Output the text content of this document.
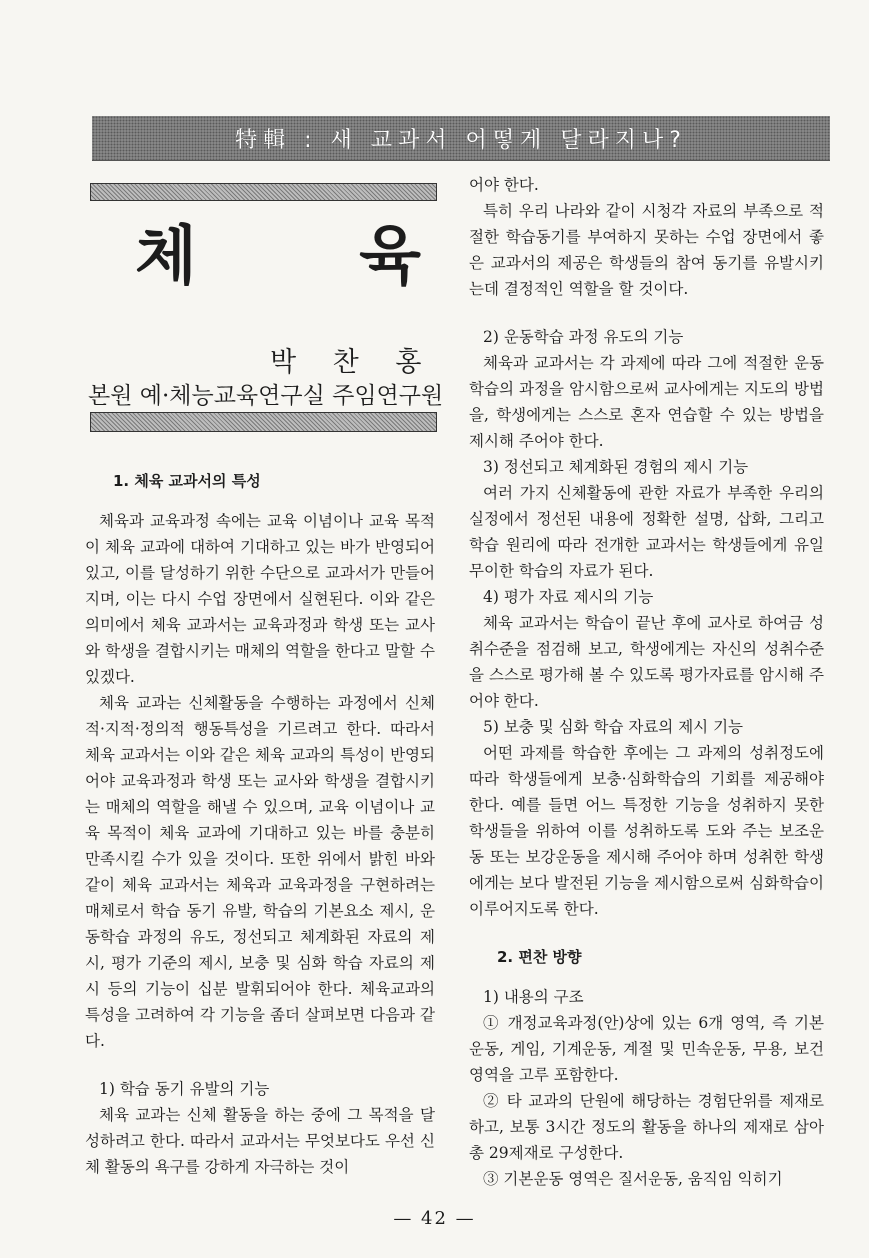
特輯 : 새 교과서 어떻게 달라지나?
체 육
박 찬 홍
본원 예·체능교육연구실 주임연구원

1. 체육 교과서의 특성

체육과 교육과정 속에는 교육 이념이나 교육 목적이 체육 교과에 대하여 기대하고 있는 바가 반영되어 있고, 이를 달성하기 위한 수단으로 교과서가 만들어지며, 이는 다시 수업 장면에서 실현된다. 이와 같은 의미에서 체육 교과서는 교육과정과 학생 또는 교사와 학생을 결합시키는 매체의 역할을 한다고 말할 수 있겠다.

체육 교과는 신체활동을 수행하는 과정에서 신체적·지적·정의적 행동특성을 기르려고 한다. 따라서 체육 교과서는 이와 같은 체육 교과의 특성이 반영되어야 교육과정과 학생 또는 교사와 학생을 결합시키는 매체의 역할을 해낼 수 있으며, 교육 이념이나 교육 목적이 체육 교과에 기대하고 있는 바를 충분히 만족시킬 수가 있을 것이다. 또한 위에서 밝힌 바와 같이 체육 교과서는 체육과 교육과정을 구현하려는 매체로서 학습 동기 유발, 학습의 기본요소 제시, 운동학습 과정의 유도, 정선되고 체계화된 자료의 제시, 평가 기준의 제시, 보충 및 심화 학습 자료의 제시 등의 기능이 십분 발휘되어야 한다. 체육교과의 특성을 고려하여 각 기능을 좀더 살펴보면 다음과 같다.

1) 학습 동기 유발의 기능

체육 교과는 신체 활동을 하는 중에 그 목적을 달성하려고 한다. 따라서 교과서는 무엇보다도 우선 신체 활동의 욕구를 강하게 자극하는 것이

어야 한다.

특히 우리 나라와 같이 시청각 자료의 부족으로 적절한 학습동기를 부여하지 못하는 수업 장면에서 좋은 교과서의 제공은 학생들의 참여 동기를 유발시키는데 결정적인 역할을 할 것이다.

2) 운동학습 과정 유도의 기능

체육과 교과서는 각 과제에 따라 그에 적절한 운동학습의 과정을 암시함으로써 교사에게는 지도의 방법을, 학생에게는 스스로 혼자 연습할 수 있는 방법을 제시해 주어야 한다.

3) 정선되고 체계화된 경험의 제시 기능

여러 가지 신체활동에 관한 자료가 부족한 우리의 실정에서 정선된 내용에 정확한 설명, 삽화, 그리고 학습 원리에 따라 전개한 교과서는 학생들에게 유일무이한 학습의 자료가 된다.

4) 평가 자료 제시의 기능

체육 교과서는 학습이 끝난 후에 교사로 하여금 성취수준을 점검해 보고, 학생에게는 자신의 성취수준을 스스로 평가해 볼 수 있도록 평가자료를 암시해 주어야 한다.

5) 보충 및 심화 학습 자료의 제시 기능

어떤 과제를 학습한 후에는 그 과제의 성취정도에 따라 학생들에게 보충·심화학습의 기회를 제공해야 한다. 예를 들면 어느 특정한 기능을 성취하지 못한 학생들을 위하여 이를 성취하도록 도와 주는 보조운동 또는 보강운동을 제시해 주어야 하며 성취한 학생에게는 보다 발전된 기능을 제시함으로써 심화학습이 이루어지도록 한다.

2. 편찬 방향

1) 내용의 구조

① 개정교육과정(안)상에 있는 6개 영역, 즉 기본운동, 게임, 기계운동, 계절 및 민속운동, 무용, 보건영역을 고루 포함한다.

② 타 교과의 단원에 해당하는 경험단위를 제재로 하고, 보통 3시간 정도의 활동을 하나의 제재로 삼아 총 29제재로 구성한다.

③ 기본운동 영역은 질서운동, 움직임 익히기

— 42 —
